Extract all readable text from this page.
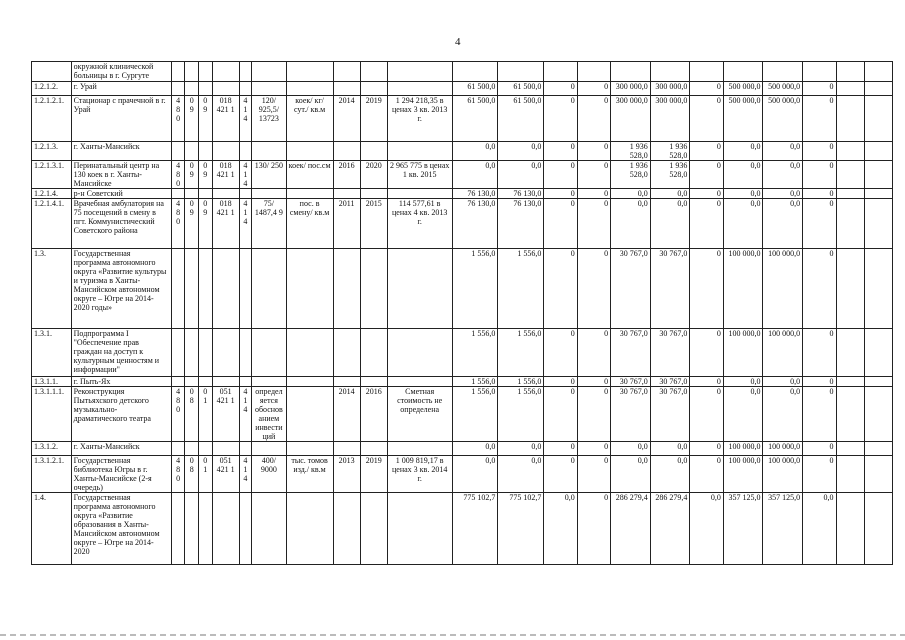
4
	окружной клинической больницы в г. Сургуте																						
1.2.1.2.	г. Урай											61 500,0	61 500,0	0	0	300 000,0	300 000,0	0	500 000,0	500 000,0	0		
1.2.1.2.1.	Стационар с прачечной в г. Урай	4 8 0	0 9	0 9	018 421 1	4 1 4	120/ 925,5/ 13723	коек/ кг/ сут./ кв.м	2014	2019	1 294 218,35 в ценах 3 кв. 2013 г.	61 500,0	61 500,0	0	0	300 000,0	300 000,0	0	500 000,0	500 000,0	0		
1.2.1.3.	г. Ханты-Мансийск											0,0	0,0	0	0	1 936 528,0	1 936 528,0	0	0,0	0,0	0		
1.2.1.3.1.	Перинатальный центр на 130 коек в г. Ханты-Мансийске	4 8 0	0 9	0 9	018 421 1	4 1 4	130/ 250	коек/ пос.см	2016	2020	2 965 775 в ценах 1 кв. 2015	0,0	0,0	0	0	1 936 528,0	1 936 528,0	0	0,0	0,0	0		
1.2.1.4.	р-н Советский											76 130,0	76 130,0	0	0	0,0	0,0	0	0,0	0,0	0		
1.2.1.4.1.	Врачебная амбулатория на 75 посещений в смену в пгт. Коммунистический Советского района	4 8 0	0 9	0 9	018 421 1	4 1 4	75/ 1487,4 9	пос. в смену/ кв.м	2011	2015	114 577,61 в ценах 4 кв. 2013 г.	76 130,0	76 130,0	0	0	0,0	0,0	0	0,0	0,0	0		
1.3.	Государственная программа автономного округа «Развитие культуры и туризма в Ханты-Мансийском автономном округе – Югре на 2014-2020 годы»											1 556,0	1 556,0	0	0	30 767,0	30 767,0	0	100 000,0	100 000,0	0		
1.3.1.	Подпрограмма I "Обеспечение прав граждан на доступ к культурным ценностям и информации"											1 556,0	1 556,0	0	0	30 767,0	30 767,0	0	100 000,0	100 000,0	0		
1.3.1.1.	г. Пыть-Ях											1 556,0	1 556,0	0	0	30 767,0	30 767,0	0	0,0	0,0	0		
1.3.1.1.1.	Реконструкция Пытьяхского детского музыкально-драматического театра	4 8 0	0 8	0 1	051 421 1	4 1 4	определяется обоснованием инвестиций		2014	2016	Сметная стоимость не определена	1 556,0	1 556,0	0	0	30 767,0	30 767,0	0	0,0	0,0	0		
1.3.1.2.	г. Ханты-Мансийск											0,0	0,0	0	0	0,0	0,0	0	100 000,0	100 000,0	0		
1.3.1.2.1.	Государственная библиотека Югры в г. Ханты-Мансийске (2-я очередь)	4 8 0	0 8	0 1	051 421 1	4 1 4	400/ 9000	тыс. томов изд./ кв.м	2013	2019	1 009 819,17 в ценах 3 кв. 2014 г.	0,0	0,0	0	0	0,0	0,0	0	100 000,0	100 000,0	0		
1.4.	Государственная программа автономного округа «Развитие образования в Ханты-Мансийском автономном округе – Югре на 2014-2020											775 102,7	775 102,7	0,0	0	286 279,4	286 279,4	0,0	357 125,0	357 125,0	0,0		
